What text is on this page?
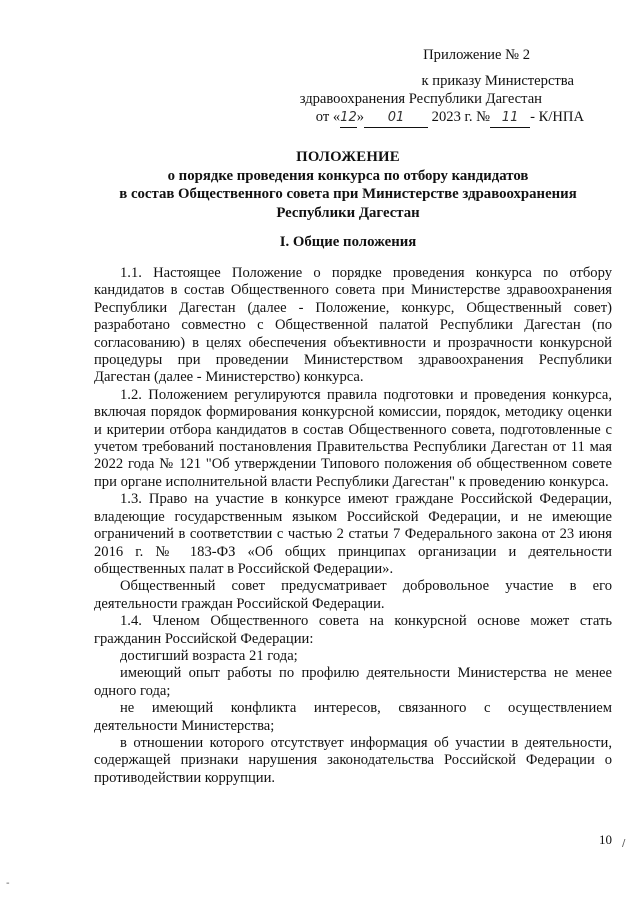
Приложение № 2
к приказу Министерства
здравоохранения Республики Дагестан
от «12» 01 2023 г. № 11 - К/НПА
ПОЛОЖЕНИЕ
о порядке проведения конкурса по отбору кандидатов
в состав Общественного совета при Министерстве здравоохранения
Республики Дагестан
I. Общие положения

1.1. Настоящее Положение о порядке проведения конкурса по отбору кандидатов в состав Общественного совета при Министерстве здравоохранения Республики Дагестан (далее - Положение, конкурс, Общественный совет) разработано совместно с Общественной палатой Республики Дагестан (по согласованию) в целях обеспечения объективности и прозрачности конкурсной процедуры при проведении Министерством здравоохранения Республики Дагестан (далее - Министерство) конкурса.

1.2. Положением регулируются правила подготовки и проведения конкурса, включая порядок формирования конкурсной комиссии, порядок, методику оценки и критерии отбора кандидатов в состав Общественного совета, подготовленные с учетом требований постановления Правительства Республики Дагестан от 11 мая 2022 года № 121 "Об утверждении Типового положения об общественном совете при органе исполнительной власти Республики Дагестан" к проведению конкурса.

1.3. Право на участие в конкурсе имеют граждане Российской Федерации, владеющие государственным языком Российской Федерации, и не имеющие ограничений в соответствии с частью 2 статьи 7 Федерального закона от 23 июня 2016 г. № 183-ФЗ «Об общих принципах организации и деятельности общественных палат в Российской Федерации».

Общественный совет предусматривает добровольное участие в его деятельности граждан Российской Федерации.

1.4. Членом Общественного совета на конкурсной основе может стать гражданин Российской Федерации:

достигший возраста 21 года;

имеющий опыт работы по профилю деятельности Министерства не менее одного года;

не имеющий конфликта интересов, связанного с осуществлением деятельности Министерства;

в отношении которого отсутствует информация об участии в деятельности, содержащей признаки нарушения законодательства Российской Федерации о противодействии коррупции.

10 /
‐
